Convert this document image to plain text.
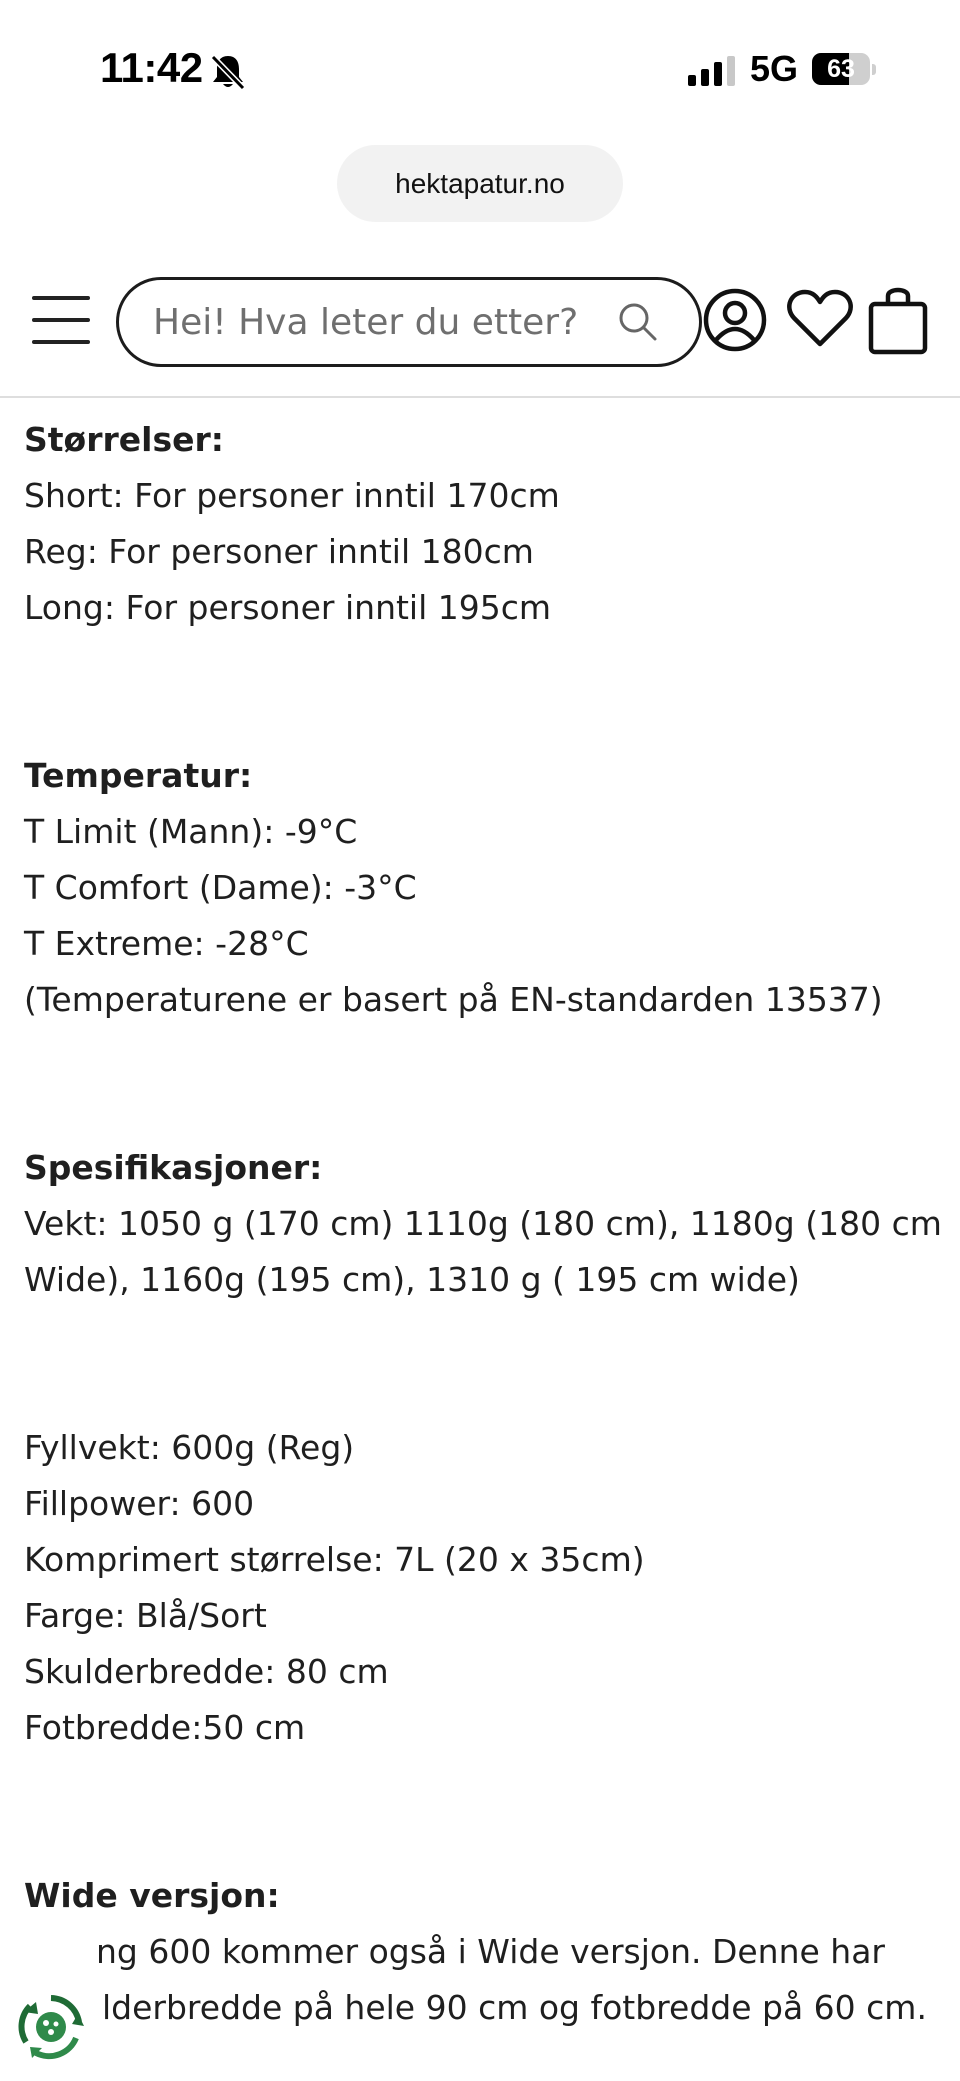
11:42	5G	63
hektapatur.no
Hei! Hva leter du etter?

Størrelser:

Short: For personer inntil 170cm

Reg: For personer inntil 180cm

Long: For personer inntil 195cm

Temperatur:

T Limit (Mann): -9°C

T Comfort (Dame): -3°C

T Extreme: -28°C

(Temperaturene er basert på EN-standarden 13537)

Spesifikasjoner:

Vekt: 1050 g (170 cm) 1110g (180 cm), 1180g (180 cm

Wide), 1160g (195 cm), 1310 g ( 195 cm wide)

Fyllvekt: 600g (Reg)

Fillpower: 600

Komprimert størrelse: 7L (20 x 35cm)

Farge: Blå/Sort

Skulderbredde: 80 cm

Fotbredde:50 cm

Wide versjon:

ng 600 kommer også i Wide versjon. Denne har

lderbredde på hele 90 cm og fotbredde på 60 cm.
